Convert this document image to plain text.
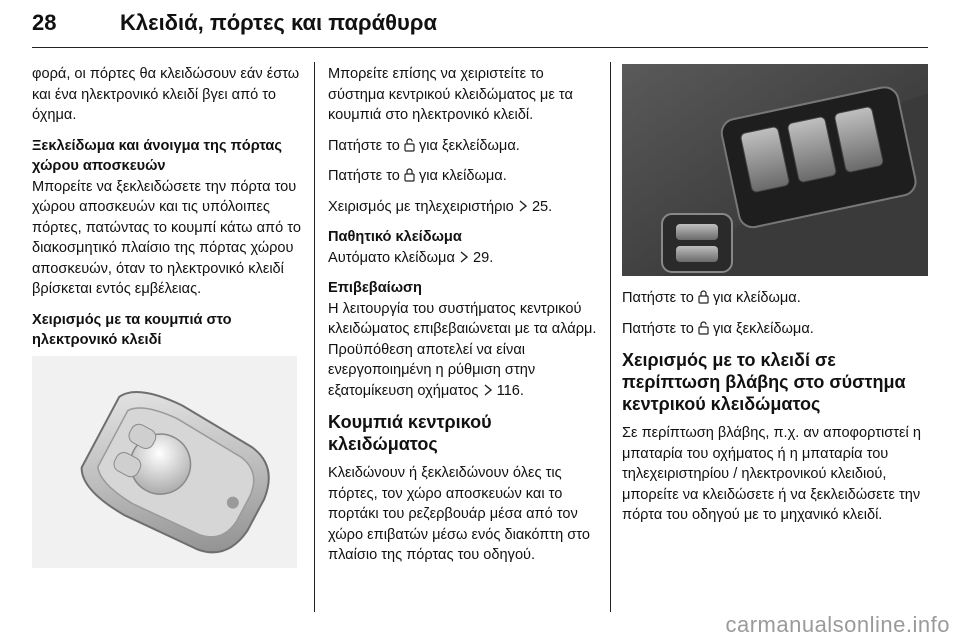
28	Κλειδιά, πόρτες και παράθυρα

φορά, οι πόρτες θα κλειδώσουν εάν έστω και ένα ηλεκτρονικό κλειδί βγει από το όχημα.

Ξεκλείδωμα και άνοιγμα της πόρτας χώρου αποσκευών

Μπορείτε να ξεκλειδώσετε την πόρτα του χώρου αποσκευών και τις υπόλοιπες πόρτες, πατώντας το κουμπί κάτω από το διακοσμητικό πλαίσιο της πόρτας χώρου αποσκευών, όταν το ηλεκτρονικό κλειδί βρίσκεται εντός εμβέλειας.

Χειρισμός με τα κουμπιά στο ηλεκτρονικό κλειδί

Μπορείτε επίσης να χειριστείτε το σύστημα κεντρικού κλειδώματος με τα κουμπιά στο ηλεκτρονικό κλειδί.

Πατήστε το για ξεκλείδωμα.

Πατήστε το για κλείδωμα.

Χειρισμός με τηλεχειριστήριο 25.

Παθητικό κλείδωμα

Αυτόματο κλείδωμα 29.

Επιβεβαίωση

Η λειτουργία του συστήματος κεντρικού κλειδώματος επιβεβαιώνεται με τα αλάρμ. Προϋπόθεση αποτελεί να είναι ενεργοποιημένη η ρύθμιση στην εξατομίκευση οχήματος 116.

Κουμπιά κεντρικού κλειδώματος

Κλειδώνουν ή ξεκλειδώνουν όλες τις πόρτες, τον χώρο αποσκευών και το πορτάκι του ρεζερβουάρ μέσα από τον χώρο επιβατών μέσω ενός διακόπτη στο πλαίσιο της πόρτας του οδηγού.

Πατήστε το για κλείδωμα.

Πατήστε το για ξεκλείδωμα.

Χειρισμός με το κλειδί σε περίπτωση βλάβης στο σύστημα κεντρικού κλειδώματος

Σε περίπτωση βλάβης, π.χ. αν αποφορτιστεί η μπαταρία του οχήματος ή η μπαταρία του τηλεχειριστηρίου / ηλεκτρονικού κλειδιού, μπορείτε να κλειδώσετε ή να ξεκλειδώσετε την πόρτα του οδηγού με το μηχανικό κλειδί.

carmanualsonline.info
